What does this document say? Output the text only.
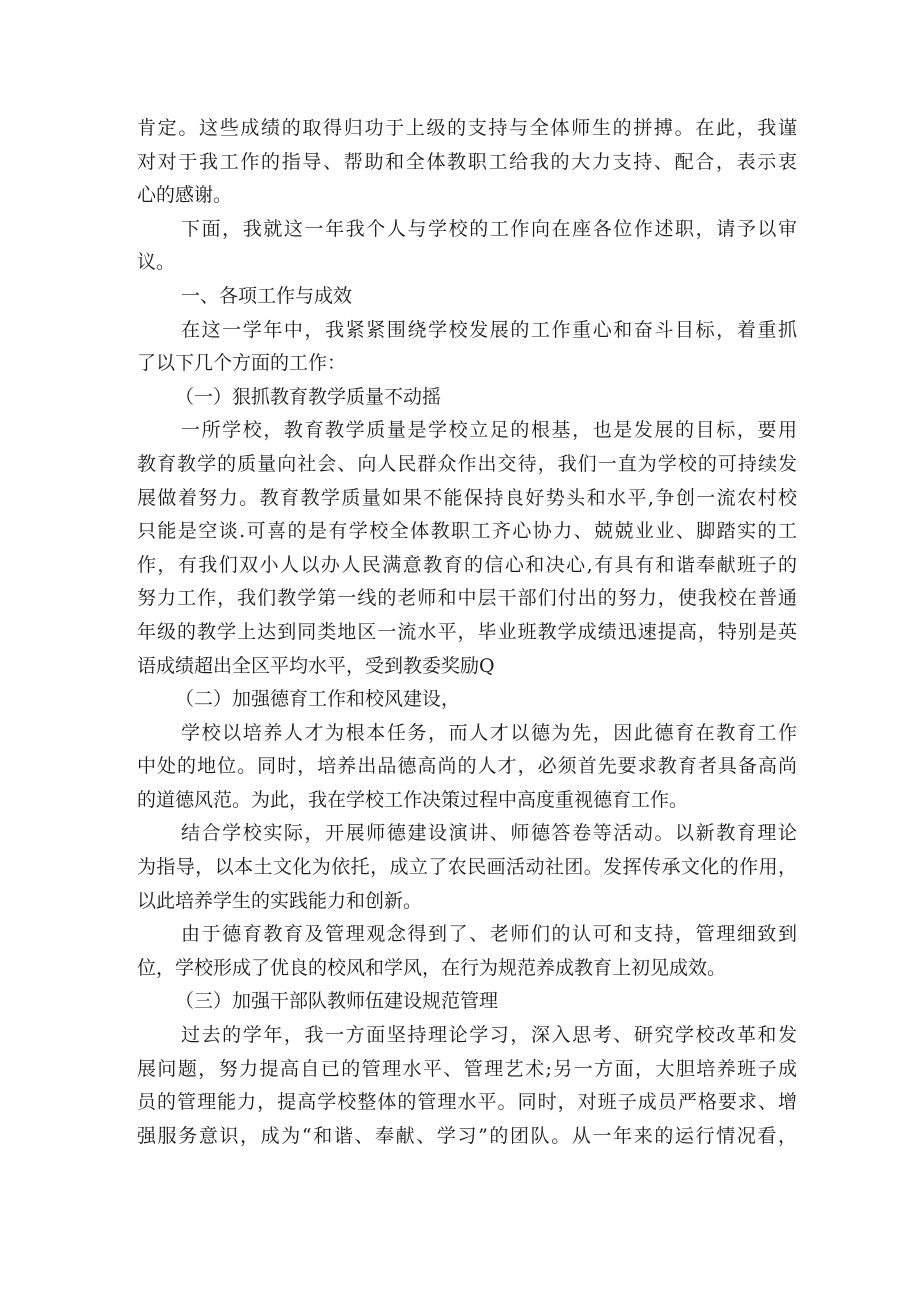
肯定。这些成绩的取得归功于上级的支持与全体师生的拼搏。在此，我谨
对对于我工作的指导、帮助和全体教职工给我的大力支持、配合，表示衷
心的感谢。
下面，我就这一年我个人与学校的工作向在座各位作述职，请予以审
议。
一、各项工作与成效
在这一学年中，我紧紧围绕学校发展的工作重心和奋斗目标，着重抓
了以下几个方面的工作：
（一）狠抓教育教学质量不动摇
一所学校，教育教学质量是学校立足的根基，也是发展的目标，要用
教育教学的质量向社会、向人民群众作出交待，我们一直为学校的可持续发
展做着努力。教育教学质量如果不能保持良好势头和水平,争创一流农村校
只能是空谈.可喜的是有学校全体教职工齐心协力、兢兢业业、脚踏实的工
作，有我们双小人以办人民满意教育的信心和决心,有具有和谐奉献班子的
努力工作，我们教学第一线的老师和中层干部们付出的努力，使我校在普通
年级的教学上达到同类地区一流水平，毕业班教学成绩迅速提高，特别是英
语成绩超出全区平均水平，受到教委奖励Q
（二）加强德育工作和校风建设，
学校以培养人才为根本任务，而人才以德为先，因此德育在教育工作
中处的地位。同时，培养出品德高尚的人才，必须首先要求教育者具备高尚
的道德风范。为此，我在学校工作决策过程中高度重视德育工作。
结合学校实际，开展师德建设演讲、师德答卷等活动。以新教育理论
为指导，以本土文化为依托，成立了农民画活动社团。发挥传承文化的作用，
以此培养学生的实践能力和创新。
由于德育教育及管理观念得到了、老师们的认可和支持，管理细致到
位，学校形成了优良的校风和学风，在行为规范养成教育上初见成效。
（三）加强干部队教师伍建设规范管理
过去的学年，我一方面坚持理论学习，深入思考、研究学校改革和发
展问题，努力提高自已的管理水平、管理艺术;另一方面，大胆培养班子成
员的管理能力，提高学校整体的管理水平。同时，对班子成员严格要求、增
强服务意识，成为“和谐、奉献、学习”的团队。从一年来的运行情况看，
